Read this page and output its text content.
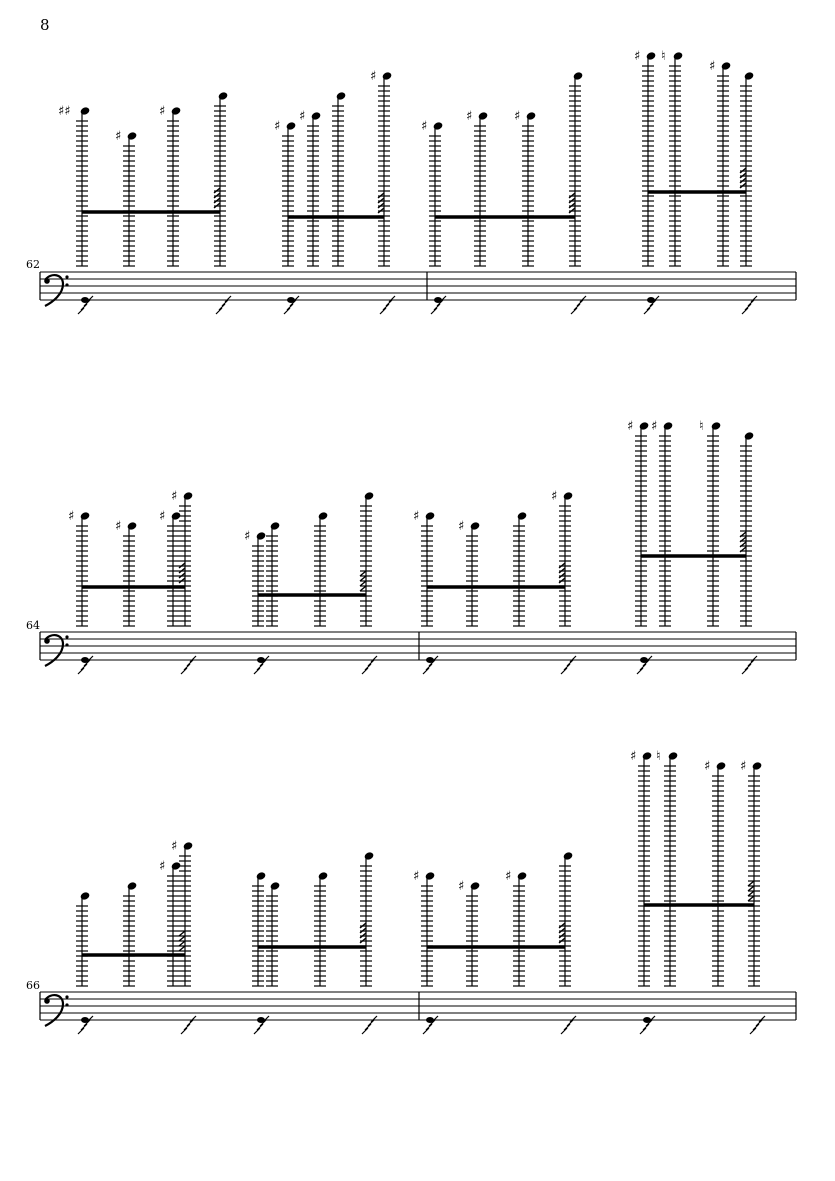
8
62
64
66
♯♯
♯
♯
♯
♯
♯
♯
♯	♯
♯ ♮
♯
♯
♯
♯
♯
♯
♯
♯
♯
♯ ♯	♮
♯
♯
♯
♯
♯
♯ ♮
♯ ♯
